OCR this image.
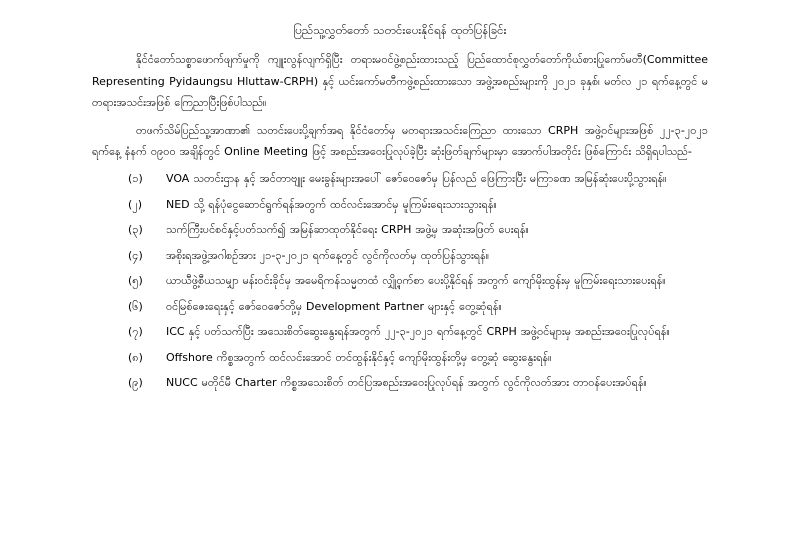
ပြည်သူ့လွှတ်တော် သတင်းပေးနိုင်ရန် ထုတ်ပြန်ခြင်း
နိုင်ငံတော်သစ္စာဖောက်ဖျက်မှုကို ကျူးလွန်လျက်ရှိပြီး တရားမဝင်ဖွဲ့စည်းထားသည့် ပြည်ထောင်စုလွှတ်တော်ကိုယ်စားပြုကော်မတီ(Committee Representing Pyidaungsu Hluttaw-CRPH) နှင့် ယင်းကော်မတီကဖွဲ့စည်းထားသော အဖွဲ့အစည်းများကို ၂၀၂၁ ခုနှစ်၊ မတ်လ ၂၁ ရက်နေ့တွင် မတရားအသင်းအဖြစ် ကြေညာပြီးဖြစ်ပါသည်။
တဖက်သိမ်ပြည်သူ့အာဏာ၏ သတင်းပေးပို့ချက်အရ နိုင်ငံတော်မှ မတရားအသင်းကြေညာ ထားသော CRPH အဖွဲ့ဝင်များအဖြစ် ၂၂-၃-၂၀၂၁ ရက်နေ့ နံနက် ၀၉၀၀ အချိန်တွင် Online Meeting ဖြင့် အစည်းအဝေးပြုလုပ်ခဲ့ပြီး ဆုံးဖြတ်ချက်များမှာ အောက်ပါအတိုင်း ဖြစ်ကြောင်း သိရှိရပါသည်-
(၁)	VOA သတင်းဌာန နှင့် အင်တာဗျူး မေးခွန်းများအပေါ် ဇော်ဝေဇော်မှ ပြန်လည် ဖြေကြားပြီး မကြာခဏ အမြန်ဆုံးပေးပို့သွားရန်။
(၂)	NED သို့ ရန်ပုံငွေဆောင်ရွက်ရန်အတွက် ထင်လင်းအောင်မှ မူကြမ်းရေးသားသွားရန်။
(၃)	သက်ကြီးပင်စင်နှင့်ပတ်သက်၍ အမြန်ဆာထုတ်နိုင်ရေး CRPH အဖွဲ့မှ အဆုံးအဖြတ် ပေးရန်။
(၄)	အစိုးရအဖွဲ့အဂါစဉ်အား ၂၁-၃-၂၀၂၁ ရက်နေ့တွင် လွင်ကိုလတ်မှ ထုတ်ပြန်သွားရန်။
(၅)	ယာယီဖွဲ့စီယသမျှာ မန်းဝင်းခိုင်မှ အမေရိကန်သမ္မတထံ လျှို့ဝှက်စာ ပေးပို့နိုင်ရန် အတွက် ကျော်မိုးထွန်းမှ မူကြမ်းရေးသားပေးရန်။
(၆)	ဝင်မြစ်ဇေးရေးနှင့် ဇော်ဝေဇော်တို့မှ Development Partner များနှင့် တွေ့ဆုံရန်။
(၇)	ICC နှင့် ပတ်သက်ပြီး အသေးစိတ်ဆွေးနွေးရန်အတွက် ၂၂-၃-၂၀၂၁ ရက်နေ့တွင် CRPH အဖွဲ့ဝင်များမှ အစည်းအဝေးပြုလုပ်ရန်။
(၈)	Offshore ကိစ္စအတွက် ထင်လင်းအောင် တင်ထွန်းနိုင်နှင့် ကျော်မိုးထွန်းတို့မှ တွေ့ဆုံ ဆွေးနွေးရန်။
(၉)	NUCC မတိုင်မီ Charter ကိစ္စအသေးစိတ် တင်ပြအစည်းအဝေးပြုလုပ်ရန် အတွက် လွင်ကိုလတ်အား တာဝန်ပေးအပ်ရန်။
